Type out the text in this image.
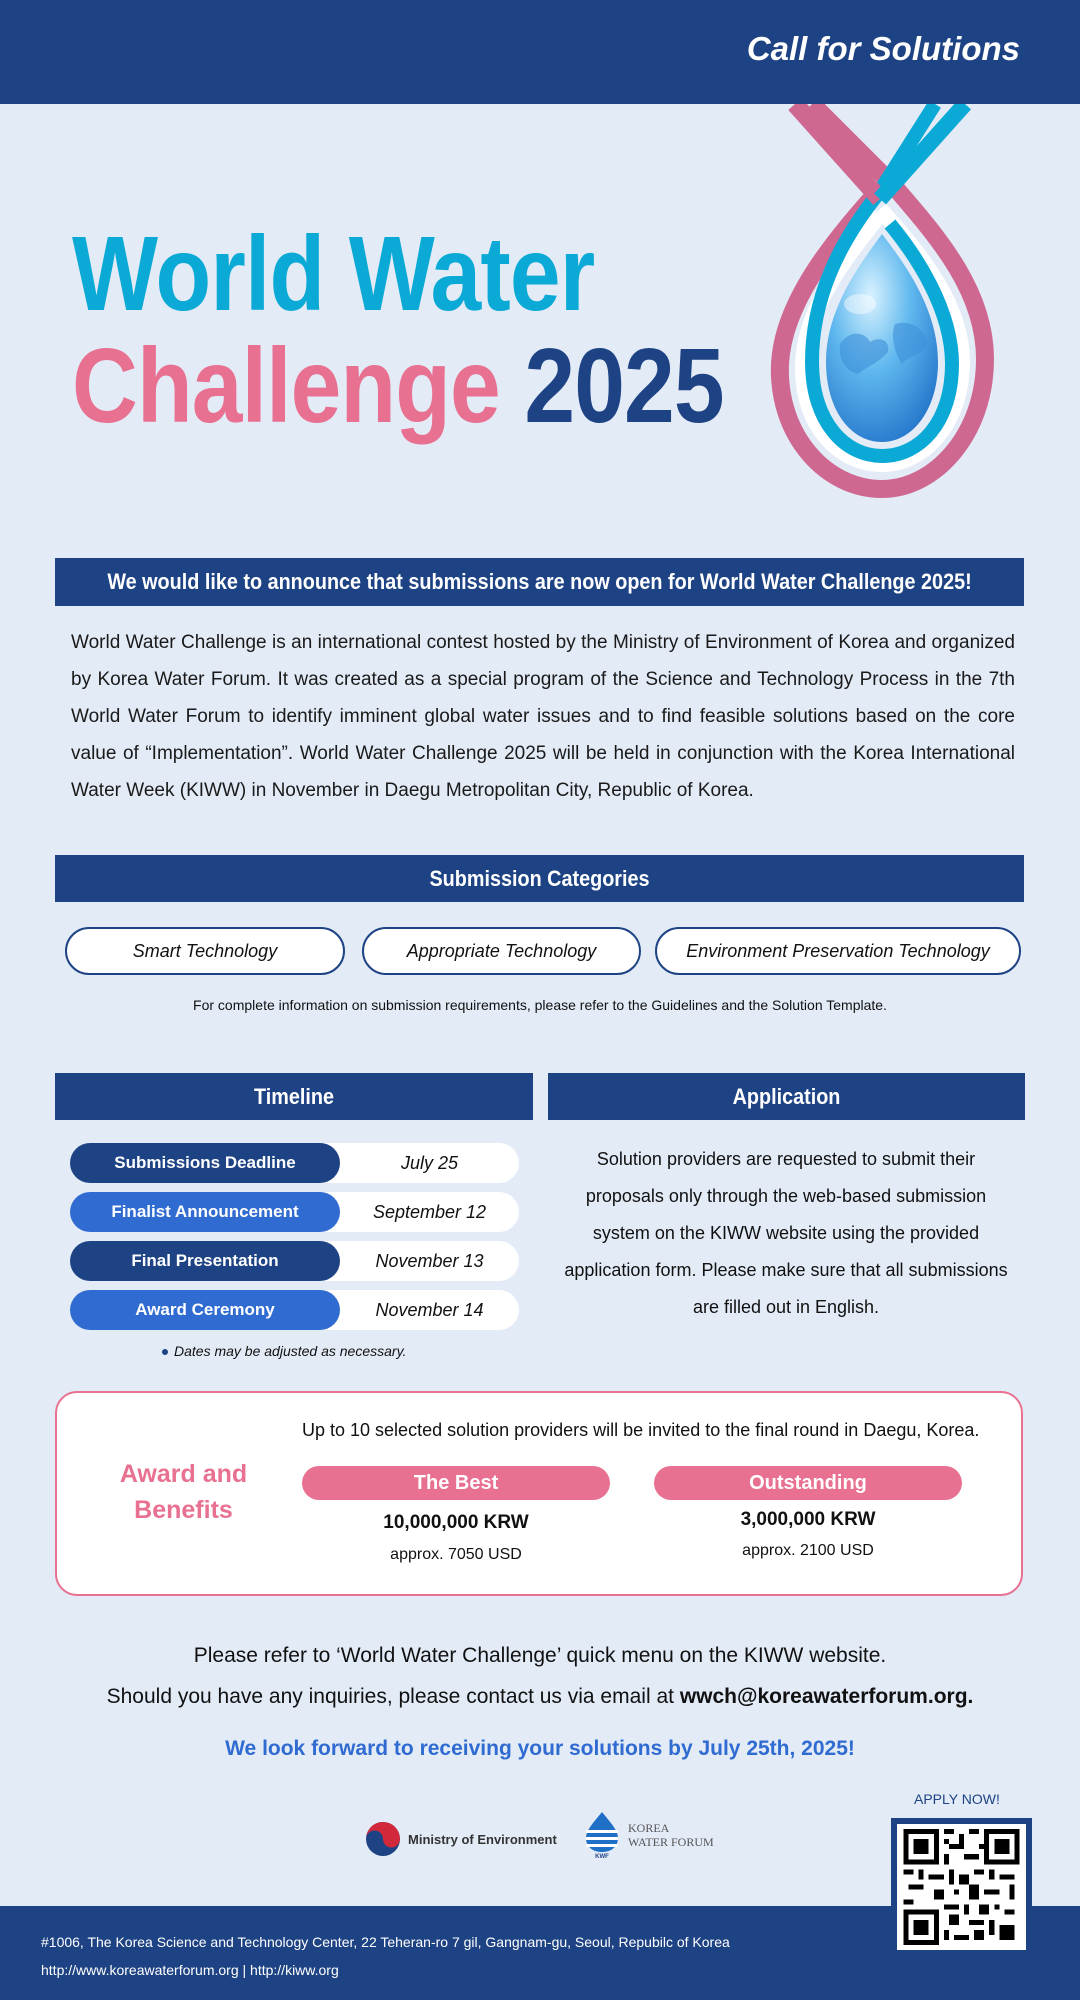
Call for Solutions
World Water
Challenge 2025
We would like to announce that submissions are now open for World Water Challenge 2025!
World Water Challenge is an international contest hosted by the Ministry of Environment of Korea and organized by Korea Water Forum. It was created as a special program of the Science and Technology Process in the 7th World Water Forum to identify imminent global water issues and to find feasible solutions based on the core value of “Implementation”. World Water Challenge 2025 will be held in conjunction with the Korea International Water Week (KIWW) in November in Daegu Metropolitan City, Republic of Korea.
Submission Categories
Smart Technology	Appropriate Technology	Environment Preservation Technology
For complete information on submission requirements, please refer to the Guidelines and the Solution Template.
Timeline
Submissions Deadline	July 25
Finalist Announcement	September 12
Final Presentation	November 13
Award Ceremony	November 14
Dates may be adjusted as necessary.
Application
Solution providers are requested to submit their proposals only through the web-based submission system on the KIWW website using the provided application form. Please make sure that all submissions are filled out in English.
Award and Benefits
Up to 10 selected solution providers will be invited to the final round in Daegu, Korea.
The Best	Outstanding
10,000,000 KRW	3,000,000 KRW
approx. 7050 USD	approx. 2100 USD
Please refer to ‘World Water Challenge’ quick menu on the KIWW website.
Should you have any inquiries, please contact us via email at wwch@koreawaterforum.org.
We look forward to receiving your solutions by July 25th, 2025!
Ministry of Environment
KWF
KOREA
WATER FORUM
APPLY NOW!
#1006, The Korea Science and Technology Center, 22 Teheran-ro 7 gil, Gangnam-gu, Seoul, Repubilc of Korea
http://www.koreawaterforum.org | http://kiww.org
